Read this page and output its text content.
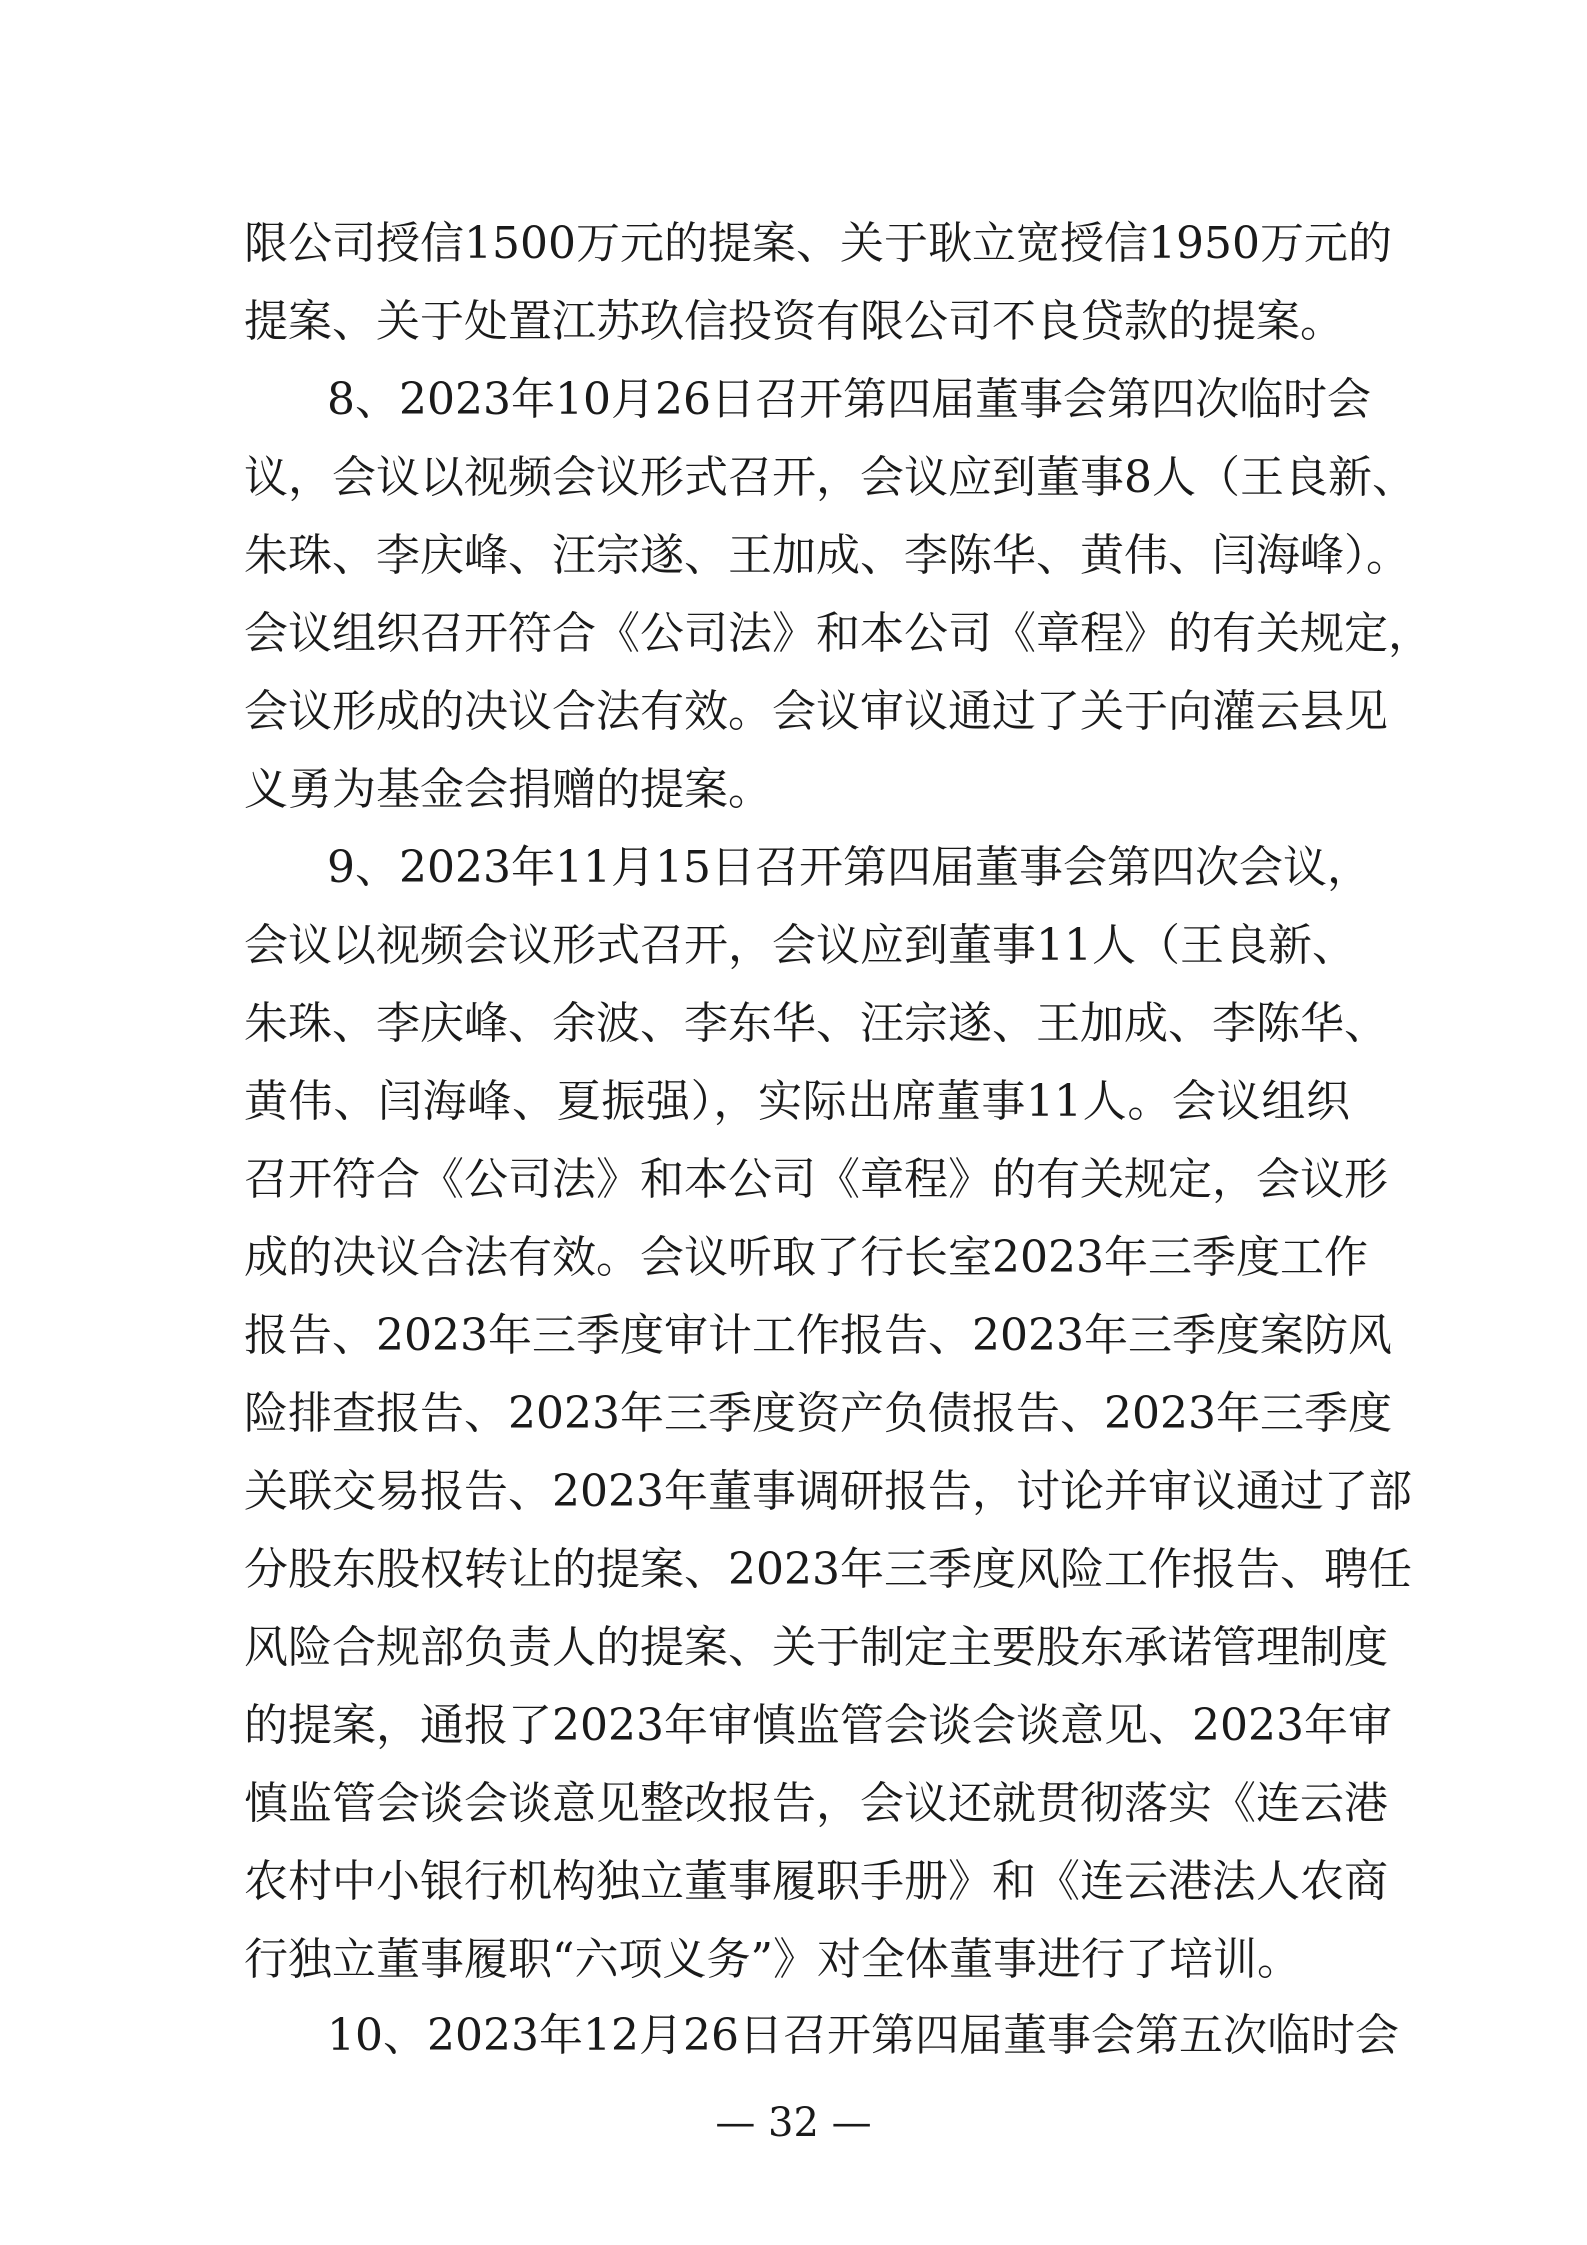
限公司授信1500万元的提案、关于耿立宽授信1950万元的
提案、关于处置江苏玖信投资有限公司不良贷款的提案。
8、2023年10月26日召开第四届董事会第四次临时会
议，会议以视频会议形式召开，会议应到董事8人（王良新、
朱珠、李庆峰、汪宗遂、王加成、李陈华、黄伟、闫海峰）。
会议组织召开符合《公司法》和本公司《章程》的有关规定，
会议形成的决议合法有效。会议审议通过了关于向灌云县见
义勇为基金会捐赠的提案。
9、2023年11月15日召开第四届董事会第四次会议，
会议以视频会议形式召开，会议应到董事11人（王良新、
朱珠、李庆峰、余波、李东华、汪宗遂、王加成、李陈华、
黄伟、闫海峰、夏振强），实际出席董事11人。会议组织
召开符合《公司法》和本公司《章程》的有关规定，会议形
成的决议合法有效。会议听取了行长室2023年三季度工作
报告、2023年三季度审计工作报告、2023年三季度案防风
险排查报告、2023年三季度资产负债报告、2023年三季度
关联交易报告、2023年董事调研报告，讨论并审议通过了部
分股东股权转让的提案、2023年三季度风险工作报告、聘任
风险合规部负责人的提案、关于制定主要股东承诺管理制度
的提案，通报了2023年审慎监管会谈会谈意见、2023年审
慎监管会谈会谈意见整改报告，会议还就贯彻落实《连云港
农村中小银行机构独立董事履职手册》和《连云港法人农商
行独立董事履职“六项义务”》对全体董事进行了培训。
10、2023年12月26日召开第四届董事会第五次临时会
— 32 —
